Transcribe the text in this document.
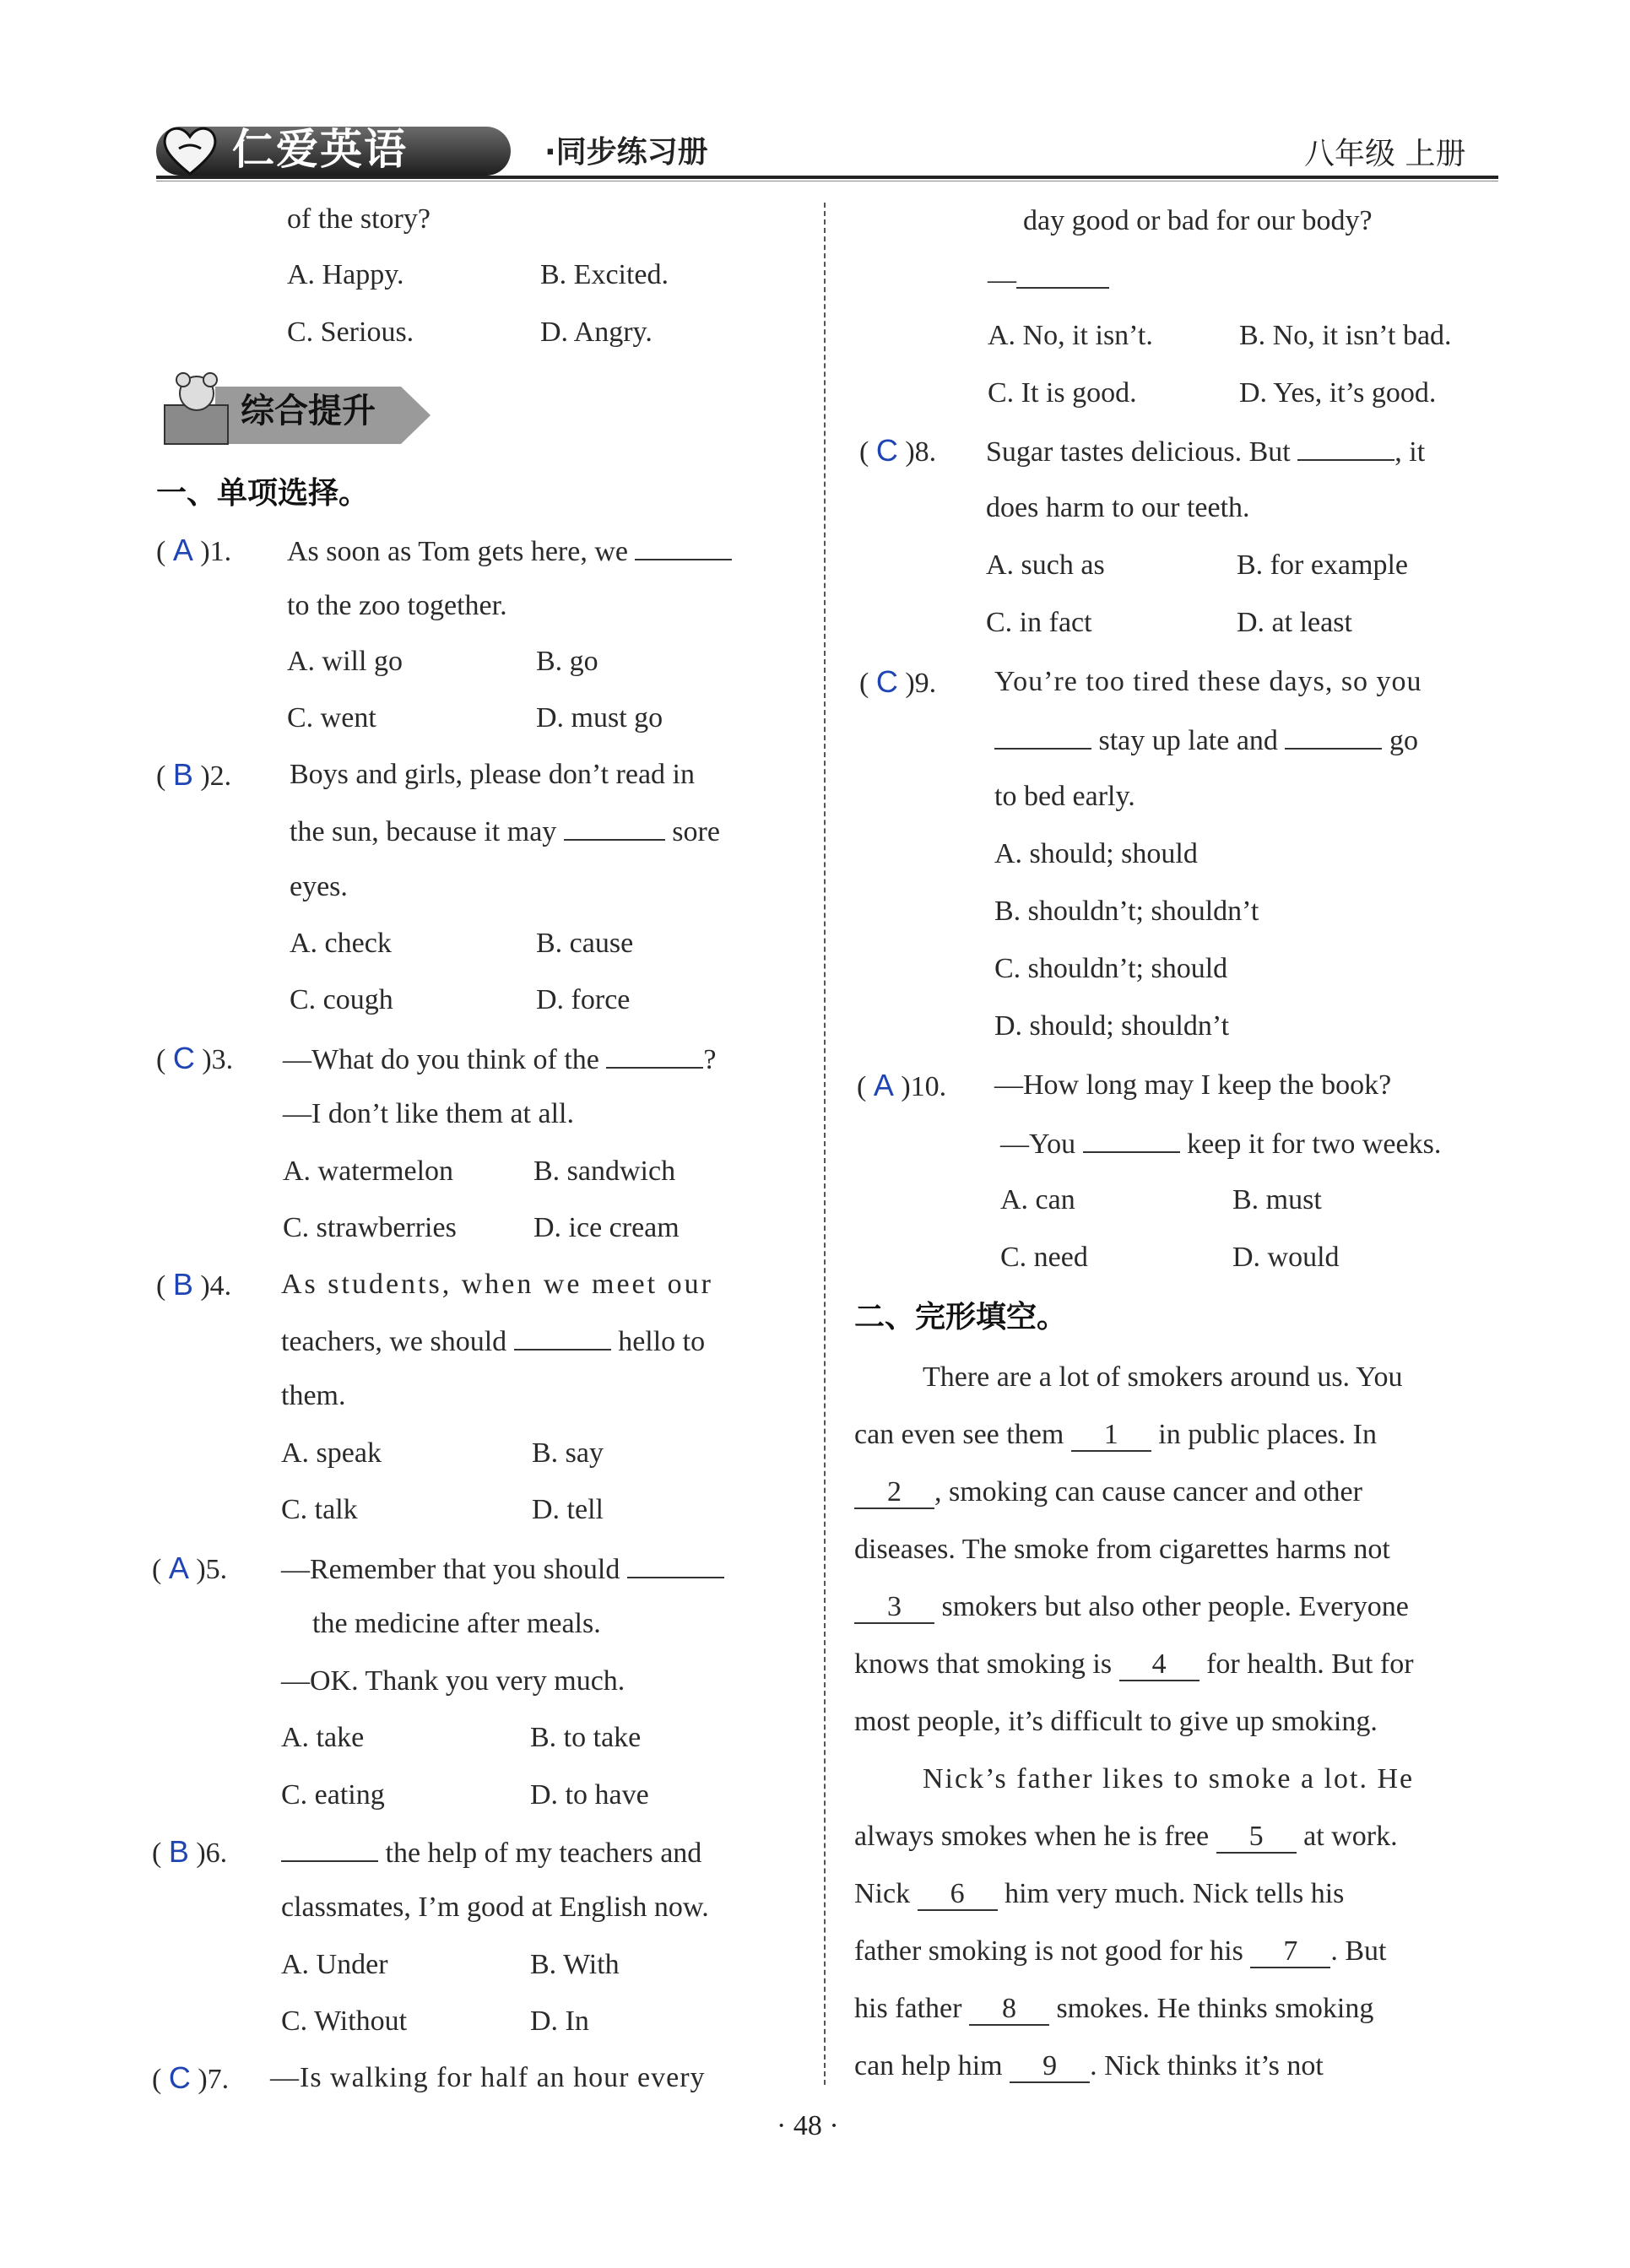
仁爱英语	·同步练习册	八年级 上册
of the story?
A. Happy.	B. Excited.
C. Serious.	D. Angry.
综合提升
一、单项选择。
( A )1. As soon as Tom gets here, we
to the zoo together.
A. will go	B. go
C. went	D. must go
( B )2. Boys and girls, please don’t read in
the sun, because it may	sore
eyes.
A. check	B. cause
C. cough	D. force
( C )3. —What do you think of the	?
—I don’t like them at all.
A. watermelon	B. sandwich
C. strawberries	D. ice cream
( B )4. As students, when we meet our
teachers, we should	hello to
them.
A. speak	B. say
C. talk	D. tell
( A )5. —Remember that you should
the medicine after meals.
—OK. Thank you very much.
A. take	B. to take
C. eating	D. to have
( B )6.	the help of my teachers and
classmates, I’m good at English now.
A. Under	B. With
C. Without	D. In
( C )7. —Is walking for half an hour every
day good or bad for our body?
—
A. No, it isn’t.	B. No, it isn’t bad.
C. It is good.	D. Yes, it’s good.
( C )8. Sugar tastes delicious. But	, it
does harm to our teeth.
A. such as	B. for example
C. in fact	D. at least
( C )9. You’re too tired these days, so you
stay up late and	go
to bed early.
A. should; should
B. shouldn’t; shouldn’t
C. shouldn’t; should
D. should; shouldn’t
( A )10. —How long may I keep the book?
—You	keep it for two weeks.
A. can	B. must
C. need	D. would
二、完形填空。
There are a lot of smokers around us. You
can even see them 1 in public places. In
2 , smoking can cause cancer and other
diseases. The smoke from cigarettes harms not
3 smokers but also other people. Everyone
knows that smoking is 4 for health. But for
most people, it’s difficult to give up smoking.
Nick’s father likes to smoke a lot. He
always smokes when he is free 5 at work.
Nick 6 him very much. Nick tells his
father smoking is not good for his 7 . But
his father 8 smokes. He thinks smoking
can help him 9 . Nick thinks it’s not
· 48 ·
